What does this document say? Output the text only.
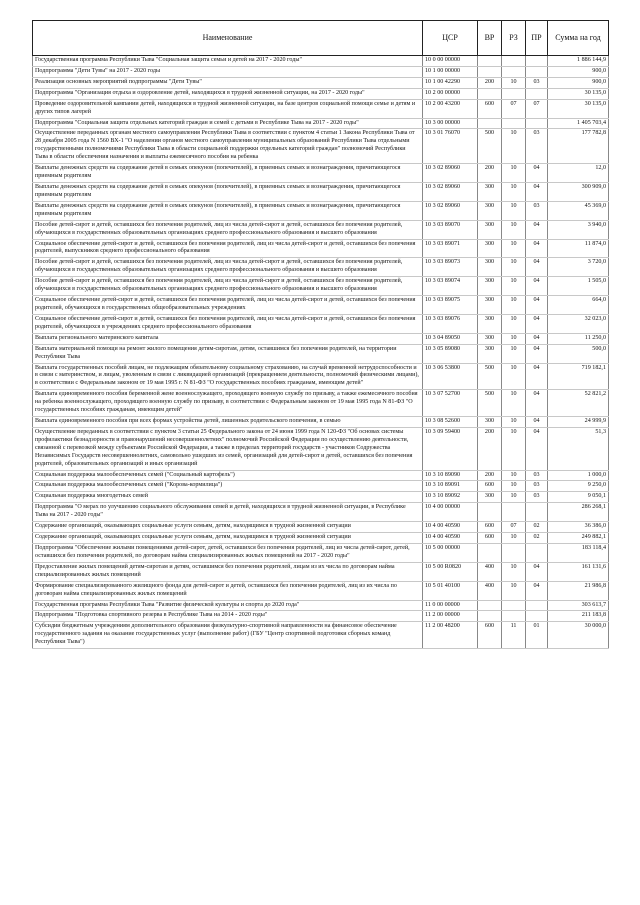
Наименование	ЦСР	ВР	РЗ	ПР	Сумма на год
Государственная программа Республики Тыва "Социальная защита семьи и детей на 2017 - 2020 годы"	10 0 00 00000				1 886 144,9
Подпрограмма "Дети Тувы" на 2017 - 2020 годы	10 1 00 00000				900,0
Реализация основных мероприятий подпрограммы "Дети Тувы"	10 1 00 42290	200	10	03	900,0
Подпрограмма "Организация отдыха и оздоровление детей, находящихся в трудной жизненной ситуации, на 2017 - 2020 годы"	10 2 00 00000				30 135,0
Проведение оздоровительной кампании детей, находящихся в трудной жизненной ситуации, на базе центров социальной помощи семье и детям и других типов лагерей	10 2 00 43200	600	07	07	30 135,0
Подпрограмма "Социальная защита отдельных категорий граждан и семей с детьми в Республике Тыва на 2017 - 2020 годы"	10 3 00 00000				1 405 703,4
Осуществление переданных органам местного самоуправления Республики Тыва в соответствии с пунктом 4 статьи 1 Закона Республики Тыва от 28 декабря 2005 года N 1560 ВХ-1 "О наделении органов местного самоуправления муниципальных образований Республики Тыва отдельными государственными полномочиями Республики Тыва в области социальной поддержки отдельных категорий граждан" полномочий Республики Тыва в области обеспечения назначения и выплаты ежемесячного пособия на ребенка	10 3 01 76070	500	10	03	177 782,8
Выплаты денежных средств на содержание детей в семьях опекунов (попечителей), в приемных семьях и вознаграждения, причитающегося приемным родителям	10 3 02 89060	200	10	04	12,0
Выплаты денежных средств на содержание детей в семьях опекунов (попечителей), в приемных семьях и вознаграждения, причитающегося приемным родителям	10 3 02 89060	300	10	04	300 909,0
Выплаты денежных средств на содержание детей в семьях опекунов (попечителей), в приемных семьях и вознаграждения, причитающегося приемным родителям	10 3 02 89060	300	10	03	45 369,0
Пособие детей-сирот и детей, оставшихся без попечения родителей, лиц из числа детей-сирот и детей, оставшихся без попечения родителей, обучающихся в государственных образовательных организациях среднего профессионального образования и высшего образования	10 3 03 89070	300	10	04	3 940,0
Социальное обеспечение детей-сирот и детей, оставшихся без попечения родителей, лиц из числа детей-сирот и детей, оставшихся без попечения родителей, выпускников среднего профессионального образования	10 3 03 89071	300	10	04	11 874,0
Пособие детей-сирот и детей, оставшихся без попечения родителей, лиц из числа детей-сирот и детей, оставшихся без попечения родителей, обучающихся в государственных образовательных организациях среднего профессионального образования и высшего образования	10 3 03 89073	300	10	04	3 720,0
Пособие детей-сирот и детей, оставшихся без попечения родителей, лиц из числа детей-сирот и детей, оставшихся без попечения родителей, обучающихся в государственных образовательных организациях среднего профессионального образования и высшего образования	10 3 03 89074	300	10	04	1 505,0
Социальное обеспечение детей-сирот и детей, оставшихся без попечения родителей, лиц из числа детей-сирот и детей, оставшихся без попечения родителей, обучающихся в государственных общеобразовательных учреждениях	10 3 03 89075	300	10	04	664,0
Социальное обеспечение детей-сирот и детей, оставшихся без попечения родителей, лиц из числа детей-сирот и детей, оставшихся без попечения родителей, обучающихся в учреждениях среднего профессионального образования	10 3 03 89076	300	10	04	32 023,0
Выплата регионального материнского капитала	10 3 04 89050	300	10	04	11 250,0
Выплата материальной помощи на ремонт жилого помещения детям-сиротам, детям, оставшимся без попечения родителей, на территории Республики Тыва	10 3 05 89080	300	10	04	500,0
Выплата государственных пособий лицам, не подлежащим обязательному социальному страхованию, на случай временной нетрудоспособности и в связи с материнством, и лицам, уволенным в связи с ликвидацией организаций (прекращением деятельности, полномочий физическими лицами), в соответствии с Федеральным законом от 19 мая 1995 г. N 81-ФЗ "О государственных пособиях гражданам, имеющим детей"	10 3 06 53800	500	10	04	719 182,1
Выплата единовременного пособия беременной жене военнослужащего, проходящего военную службу по призыву, а также ежемесячного пособия на ребенка военнослужащего, проходящего военную службу по призыву, в соответствии с Федеральным законом от 19 мая 1995 года N 81-ФЗ "О государственных пособиях гражданам, имеющим детей"	10 3 07 52700	500	10	04	52 821,2
Выплата единовременного пособия при всех формах устройства детей, лишенных родительского попечения, в семью	10 3 08 52600	300	10	04	24 999,9
Осуществление переданных в соответствии с пунктом 3 статьи 25 Федерального закона от 24 июня 1999 года N 120-ФЗ "Об основах системы профилактики безнадзорности и правонарушений несовершеннолетних" полномочий Российской Федерации по осуществлению деятельности, связанной с перевозкой между субъектами Российской Федерации, а также в пределах территорий государств - участников Содружества Независимых Государств несовершеннолетних, самовольно ушедших из семей, организаций для детей-сирот и детей, оставшихся без попечения родителей, образовательных организаций и иных организаций	10 3 09 59400	200	10	04	51,3
Социальная поддержка малообеспеченных семей ("Социальный картофель")	10 3 10 89090	200	10	03	1 000,0
Социальная поддержка малообеспеченных семей ("Корова-кормилица")	10 3 10 89091	600	10	03	9 250,0
Социальная поддержка многодетных семей	10 3 10 89092	300	10	03	9 050,1
Подпрограмма "О мерах по улучшению социального обслуживания семей и детей, находящихся в трудной жизненной ситуации, в Республике Тыва на 2017 - 2020 годы"	10 4 00 00000				286 268,1
Содержание организаций, оказывающих социальные услуги семьям, детям, находящимся в трудной жизненной ситуации	10 4 00 40590	600	07	02	36 386,0
Содержание организаций, оказывающих социальные услуги семьям, детям, находящимся в трудной жизненной ситуации	10 4 00 40590	600	10	02	249 882,1
Подпрограмма "Обеспечение жилыми помещениями детей-сирот, детей, оставшихся без попечения родителей, лиц из числа детей-сирот, детей, оставшихся без попечения родителей, по договорам найма специализированных жилых помещений на 2017 - 2020 годы"	10 5 00 00000				183 118,4
Предоставление жилых помещений детям-сиротам и детям, оставшимся без попечения родителей, лицам из их числа по договорам найма специализированных жилых помещений	10 5 00 R0820	400	10	04	161 131,6
Формирование специализированного жилищного фонда для детей-сирот и детей, оставшихся без попечения родителей, лиц из их числа по договорам найма специализированных жилых помещений	10 5 01 40100	400	10	04	21 986,8
Государственная программа Республики Тыва "Развитие физической культуры и спорта до 2020 года"	11 0 00 00000				303 613,7
Подпрограмма "Подготовка спортивного резерва в Республике Тыва на 2014 - 2020 годы"	11 2 00 00000				211 183,8
Субсидии бюджетным учреждениям дополнительного образования физкультурно-спортивной направленности на финансовое обеспечение государственного задания на оказание государственных услуг (выполнение работ) (ГБУ "Центр спортивной подготовки сборных команд Республики Тыва")	11 2 00 48200	600	11	01	30 000,0
